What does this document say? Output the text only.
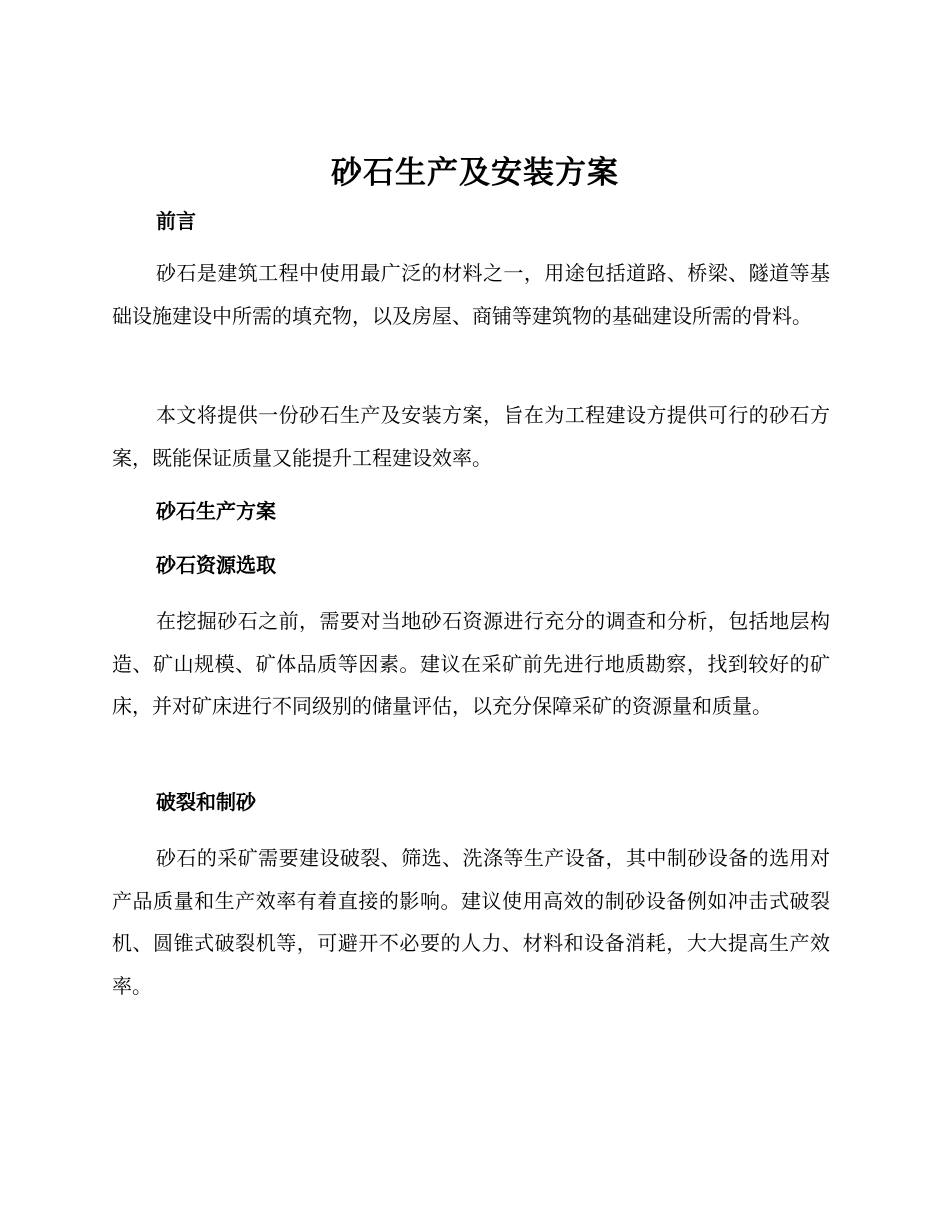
砂石生产及安装方案
前言

砂石是建筑工程中使用最广泛的材料之一，用途包括道路、桥梁、隧道等基础设施建设中所需的填充物，以及房屋、商铺等建筑物的基础建设所需的骨料。

本文将提供一份砂石生产及安装方案，旨在为工程建设方提供可行的砂石方案，既能保证质量又能提升工程建设效率。

砂石生产方案
砂石资源选取

在挖掘砂石之前，需要对当地砂石资源进行充分的调查和分析，包括地层构造、矿山规模、矿体品质等因素。建议在采矿前先进行地质勘察，找到较好的矿床，并对矿床进行不同级别的储量评估，以充分保障采矿的资源量和质量。

破裂和制砂

砂石的采矿需要建设破裂、筛选、洗涤等生产设备，其中制砂设备的选用对产品质量和生产效率有着直接的影响。建议使用高效的制砂设备例如冲击式破裂机、圆锥式破裂机等，可避开不必要的人力、材料和设备消耗，大大提高生产效率。
